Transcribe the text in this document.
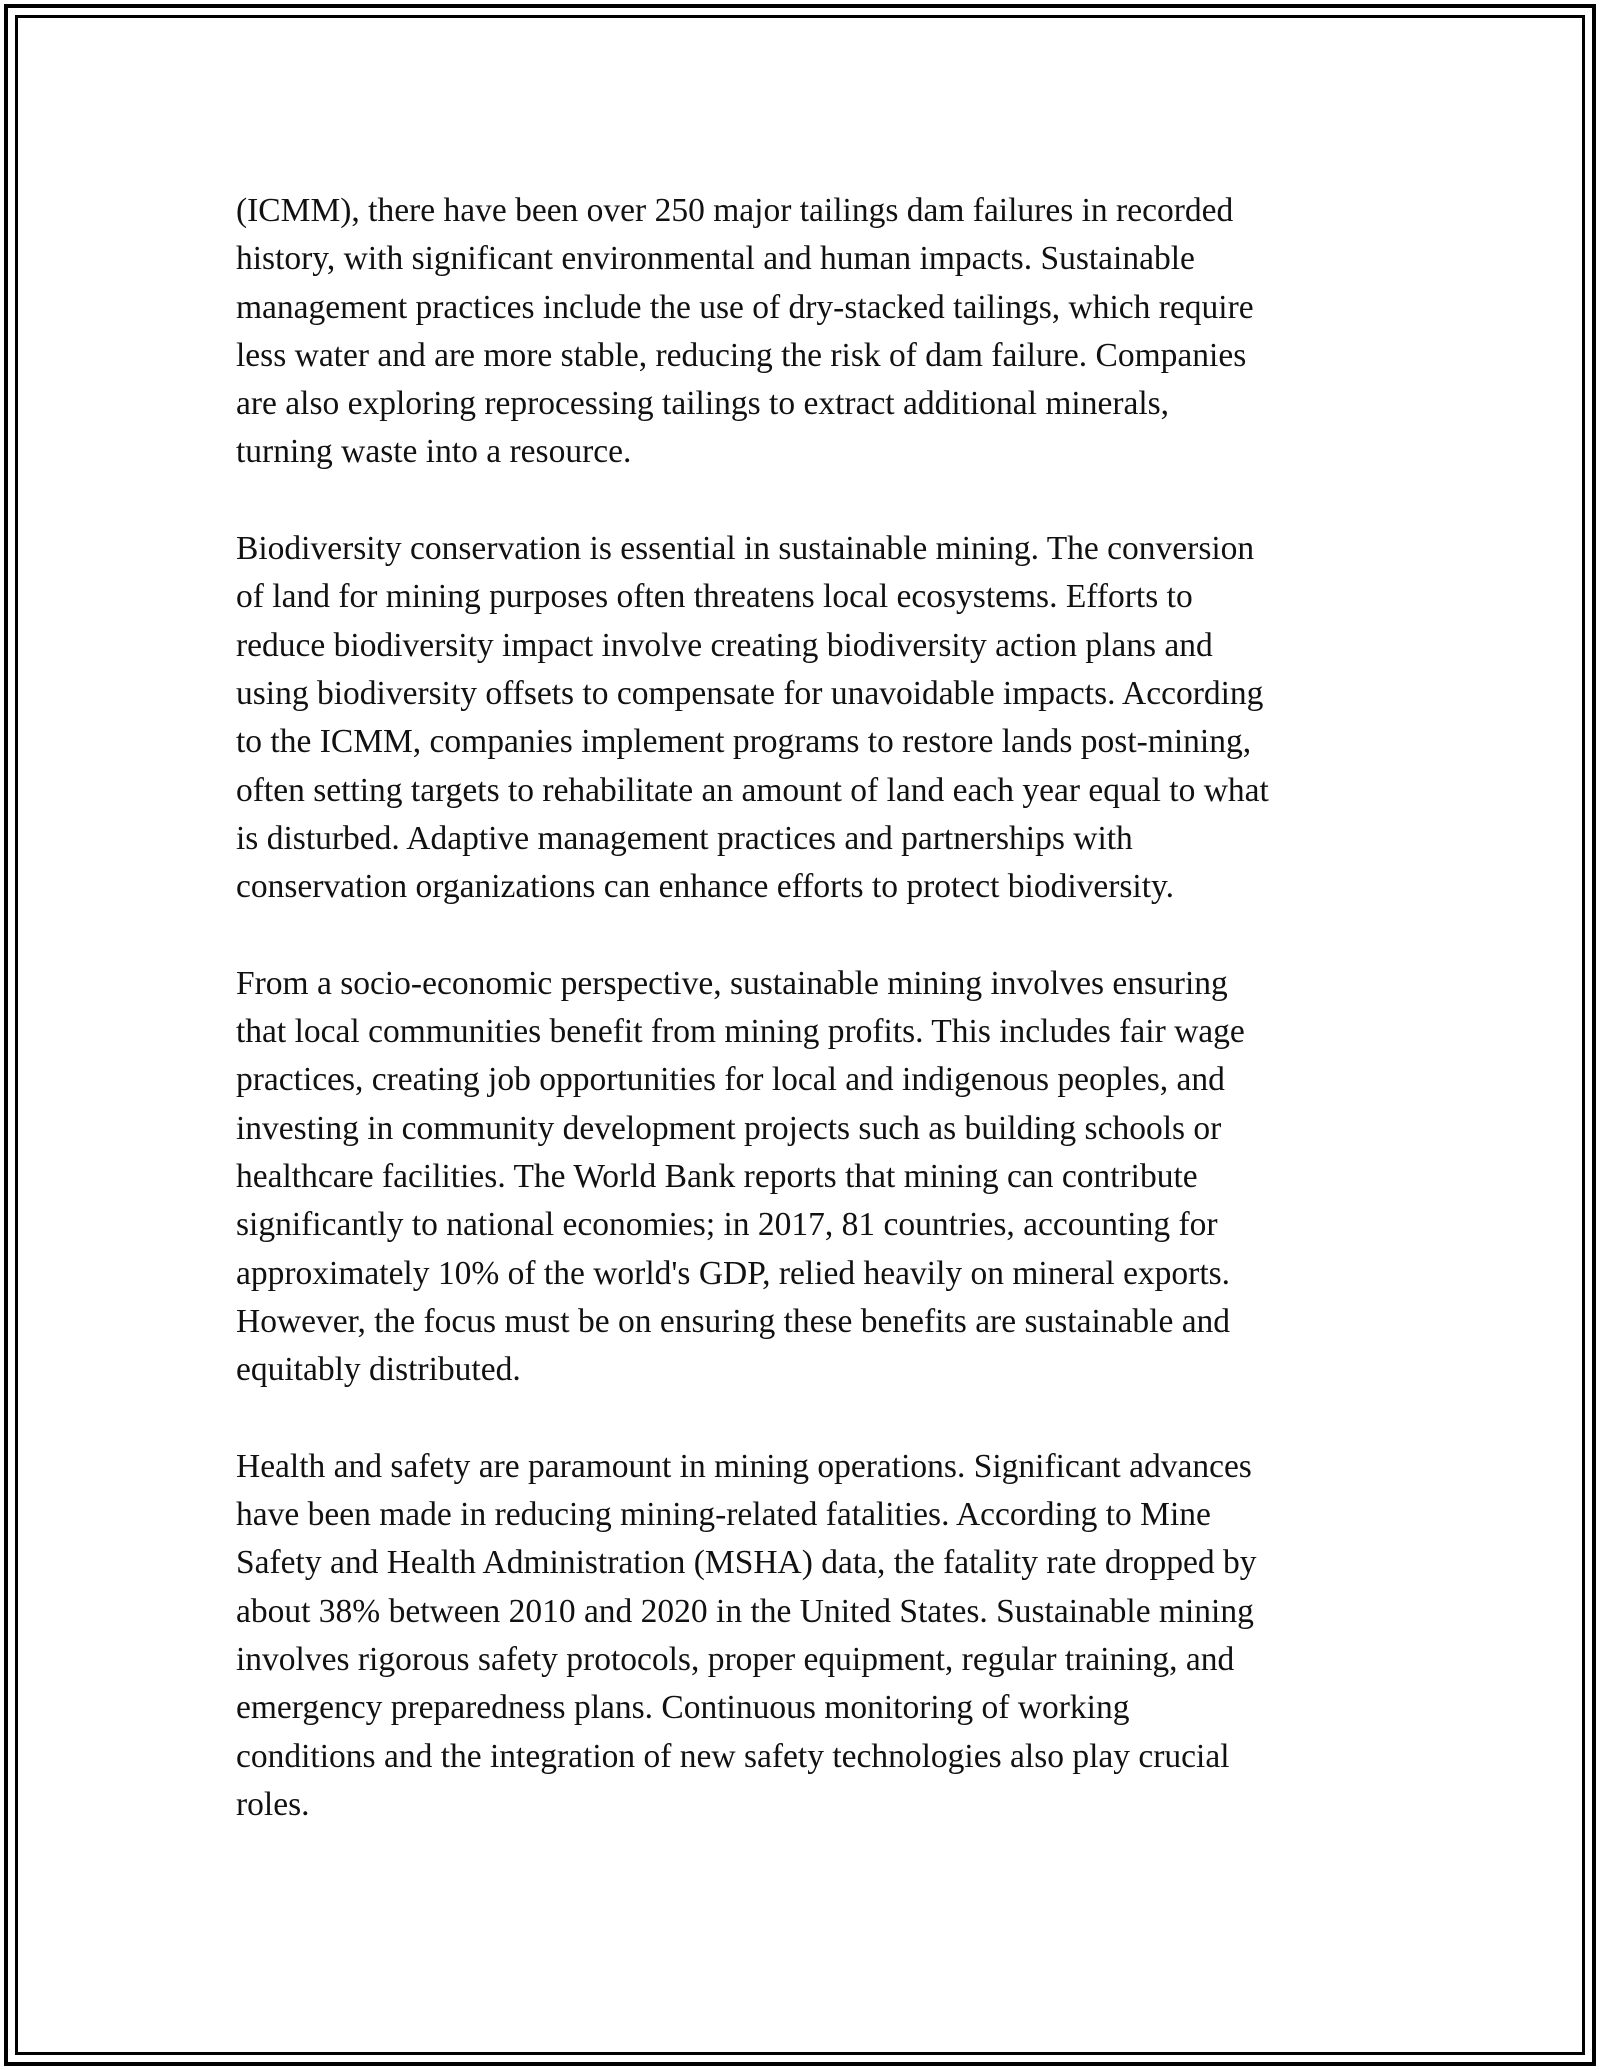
(ICMM), there have been over 250 major tailings dam failures in recorded
history, with significant environmental and human impacts. Sustainable
management practices include the use of dry-stacked tailings, which require
less water and are more stable, reducing the risk of dam failure. Companies
are also exploring reprocessing tailings to extract additional minerals,
turning waste into a resource.

Biodiversity conservation is essential in sustainable mining. The conversion
of land for mining purposes often threatens local ecosystems. Efforts to
reduce biodiversity impact involve creating biodiversity action plans and
using biodiversity offsets to compensate for unavoidable impacts. According
to the ICMM, companies implement programs to restore lands post-mining,
often setting targets to rehabilitate an amount of land each year equal to what
is disturbed. Adaptive management practices and partnerships with
conservation organizations can enhance efforts to protect biodiversity.

From a socio-economic perspective, sustainable mining involves ensuring
that local communities benefit from mining profits. This includes fair wage
practices, creating job opportunities for local and indigenous peoples, and
investing in community development projects such as building schools or
healthcare facilities. The World Bank reports that mining can contribute
significantly to national economies; in 2017, 81 countries, accounting for
approximately 10% of the world's GDP, relied heavily on mineral exports.
However, the focus must be on ensuring these benefits are sustainable and
equitably distributed.

Health and safety are paramount in mining operations. Significant advances
have been made in reducing mining-related fatalities. According to Mine
Safety and Health Administration (MSHA) data, the fatality rate dropped by
about 38% between 2010 and 2020 in the United States. Sustainable mining
involves rigorous safety protocols, proper equipment, regular training, and
emergency preparedness plans. Continuous monitoring of working
conditions and the integration of new safety technologies also play crucial
roles.
